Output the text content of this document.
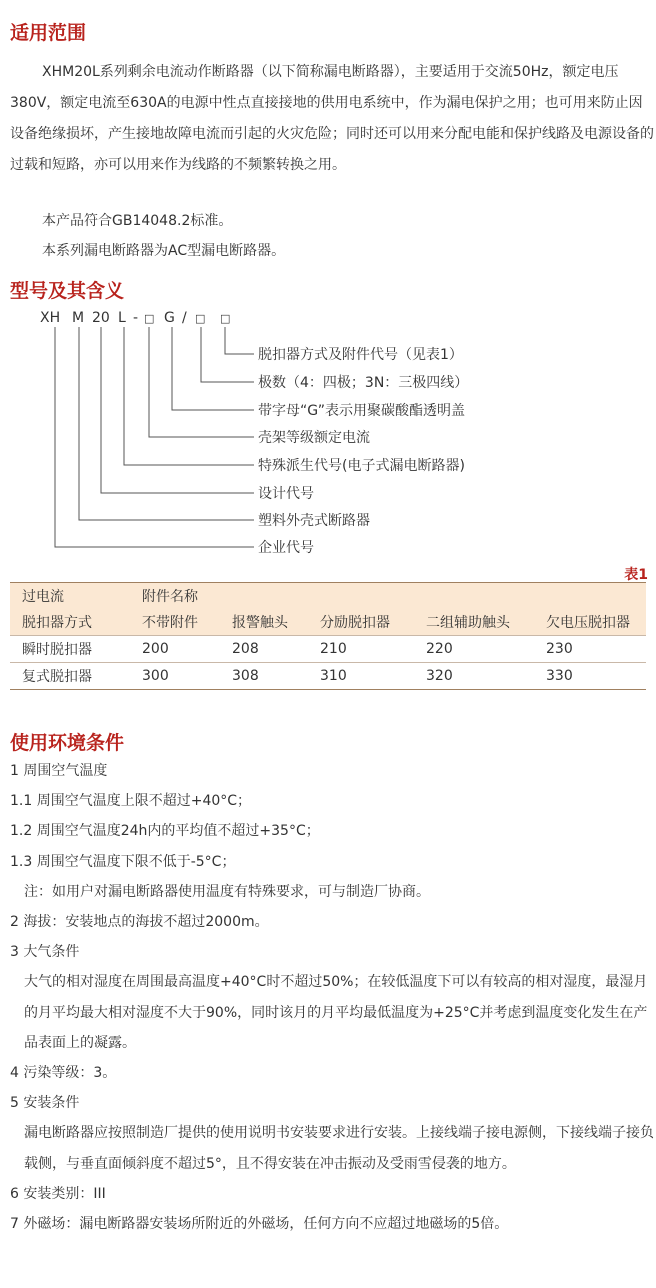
适用范围

XHM20L系列剩余电流动作断路器（以下简称漏电断路器），主要适用于交流50Hz，额定电压380V，额定电流至630A的电源中性点直接接地的供用电系统中，作为漏电保护之用；也可用来防止因设备绝缘损坏，产生接地故障电流而引起的火灾危险；同时还可以用来分配电能和保护线路及电源设备的过载和短路，亦可以用来作为线路的不频繁转换之用。

本产品符合GB14048.2标准。

本系列漏电断路器为AC型漏电断路器。

型号及其含义
XH M 20 L - □ G / □ □
脱扣器方式及附件代号（见表1）
极数（4：四极；3N：三极四线）
带字母“G”表示用聚碳酸酯透明盖
壳架等级额定电流
特殊派生代号(电子式漏电断路器)
设计代号
塑料外壳式断路器
企业代号

表1

过电流	附件名称				
脱扣器方式	不带附件	报警触头	分励脱扣器	二组辅助触头	欠电压脱扣器
瞬时脱扣器	200	208	210	220	230
复式脱扣器	300	308	310	320	330
使用环境条件
1 周围空气温度
1.1 周围空气温度上限不超过+40°C；
1.2 周围空气温度24h内的平均值不超过+35°C；
1.3 周围空气温度下限不低于-5°C；
注：如用户对漏电断路器使用温度有特殊要求，可与制造厂协商。
2 海拔：安装地点的海拔不超过2000m。
3 大气条件
大气的相对湿度在周围最高温度+40°C时不超过50%；在较低温度下可以有较高的相对湿度，最湿月的月平均最大相对湿度不大于90%，同时该月的月平均最低温度为+25°C并考虑到温度变化发生在产品表面上的凝露。
4 污染等级：3。
5 安装条件
漏电断路器应按照制造厂提供的使用说明书安装要求进行安装。上接线端子接电源侧，下接线端子接负载侧，与垂直面倾斜度不超过5°，且不得安装在冲击振动及受雨雪侵袭的地方。
6 安装类别：III
7 外磁场：漏电断路器安装场所附近的外磁场，任何方向不应超过地磁场的5倍。
